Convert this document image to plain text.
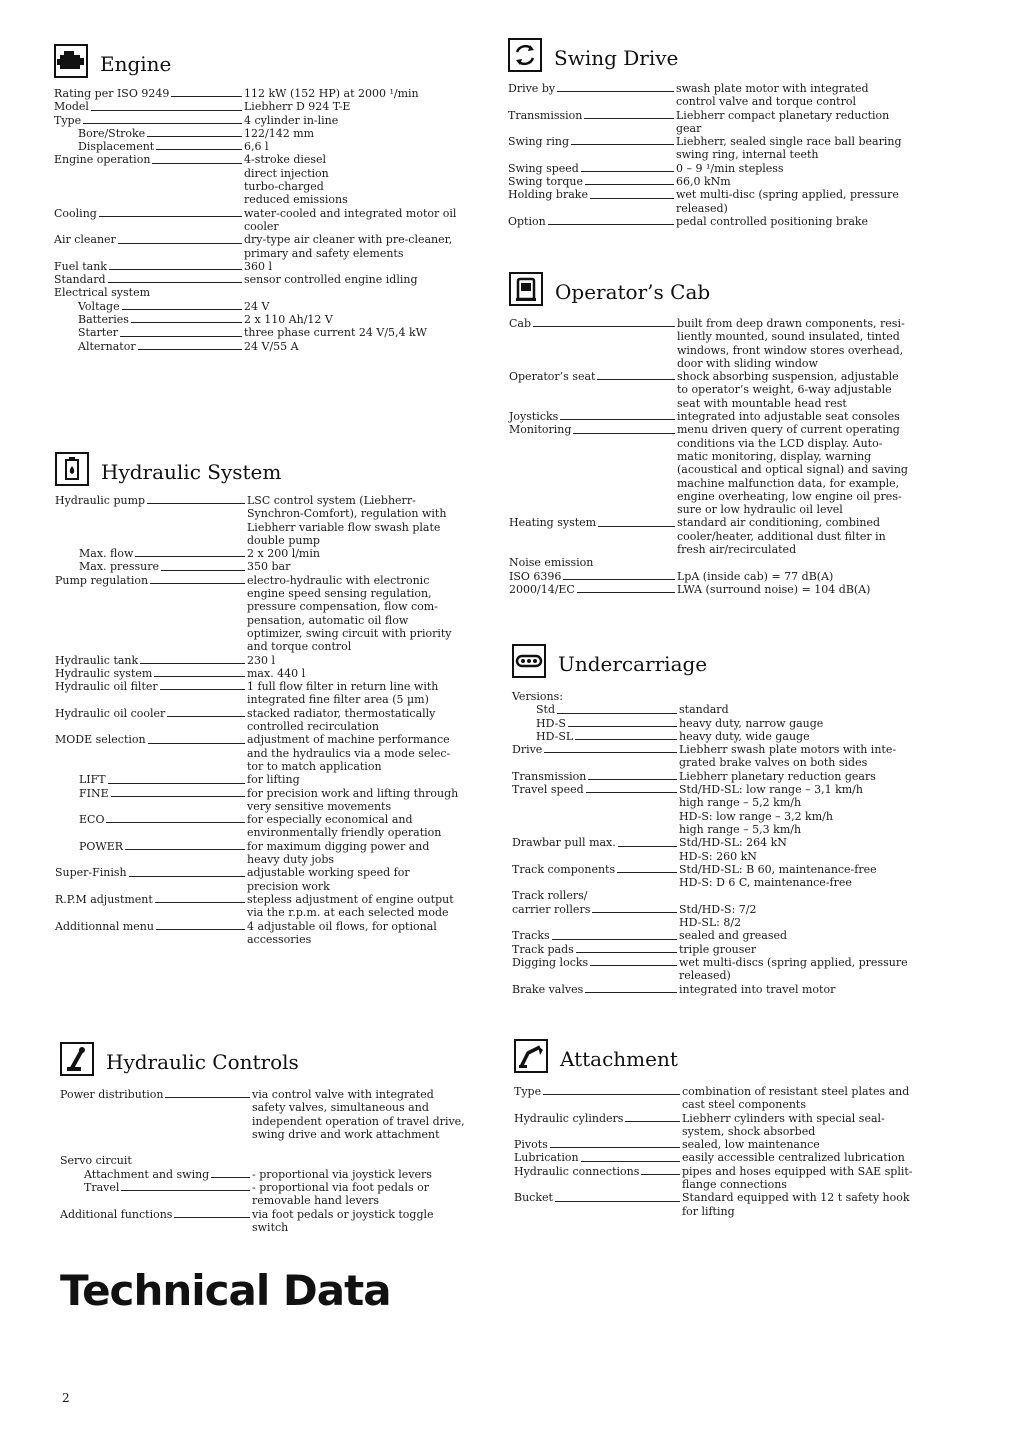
Engine
Rating per ISO 9249	112 kW (152 HP) at 2000 ¹/min
Model	Liebherr D 924 T-E
Type	4 cylinder in-line
Bore/Stroke	122/142 mm
Displacement	6,6 l
Engine operation	4-stroke diesel
direct injection
turbo-charged
reduced emissions
Cooling	water-cooled and integrated motor oil
cooler
Air cleaner	dry-type air cleaner with pre-cleaner,
primary and safety elements
Fuel tank	360 l
Standard	sensor controlled engine idling
Electrical system
Voltage	24 V
Batteries	2 x 110 Ah/12 V
Starter	three phase current 24 V/5,4 kW
Alternator	24 V/55 A
Hydraulic System
Hydraulic pump	LSC control system (Liebherr-
Synchron-Comfort), regulation with
Liebherr variable flow swash plate
double pump
Max. flow	2 x 200 l/min
Max. pressure	350 bar
Pump regulation	electro-hydraulic with electronic
engine speed sensing regulation,
pressure compensation, flow com-
pensation, automatic oil flow
optimizer, swing circuit with priority
and torque control
Hydraulic tank	230 l
Hydraulic system	max. 440 l
Hydraulic oil filter	1 full flow filter in return line with
integrated fine filter area (5 µm)
Hydraulic oil cooler	stacked radiator, thermostatically
controlled recirculation
MODE selection	adjustment of machine performance
and the hydraulics via a mode selec-
tor to match application
LIFT	for lifting
FINE	for precision work and lifting through
very sensitive movements
ECO	for especially economical and
environmentally friendly operation
POWER	for maximum digging power and
heavy duty jobs
Super-Finish	adjustable working speed for
precision work
R.P.M adjustment	stepless adjustment of engine output
via the r.p.m. at each selected mode
Additionnal menu	4 adjustable oil flows, for optional
accessories
Hydraulic Controls
Power distribution	via control valve with integrated
safety valves, simultaneous and
independent operation of travel drive,
swing drive and work attachment
Servo circuit
Attachment and swing	- proportional via joystick levers
Travel	- proportional via foot pedals or
removable hand levers
Additional functions	via foot pedals or joystick toggle
switch
Swing Drive
Drive by	swash plate motor with integrated
control valve and torque control
Transmission	Liebherr compact planetary reduction
gear
Swing ring	Liebherr, sealed single race ball bearing
swing ring, internal teeth
Swing speed	0 – 9 ¹/min stepless
Swing torque	66,0 kNm
Holding brake	wet multi-disc (spring applied, pressure
released)
Option	pedal controlled positioning brake
Operator’s Cab
Cab	built from deep drawn components, resi-
liently mounted, sound insulated, tinted
windows, front window stores overhead,
door with sliding window
Operator’s seat	shock absorbing suspension, adjustable
to operator’s weight, 6-way adjustable
seat with mountable head rest
Joysticks	integrated into adjustable seat consoles
Monitoring	menu driven query of current operating
conditions via the LCD display. Auto-
matic monitoring, display, warning
(acoustical and optical signal) and saving
machine malfunction data, for example,
engine overheating, low engine oil pres-
sure or low hydraulic oil level
Heating system	standard air conditioning, combined
cooler/heater, additional dust filter in
fresh air/recirculated
Noise emission
ISO 6396	LpA (inside cab) = 77 dB(A)
2000/14/EC	LWA (surround noise) = 104 dB(A)
Undercarriage
Versions:
Std	standard
HD-S	heavy duty, narrow gauge
HD-SL	heavy duty, wide gauge
Drive	Liebherr swash plate motors with inte-
grated brake valves on both sides
Transmission	Liebherr planetary reduction gears
Travel speed	Std/HD-SL: low range – 3,1 km/h
high range – 5,2 km/h
HD-S: low range – 3,2 km/h
high range – 5,3 km/h
Drawbar pull max.	Std/HD-SL: 264 kN
HD-S: 260 kN
Track components	Std/HD-SL: B 60, maintenance-free
HD-S: D 6 C, maintenance-free
Track rollers/
carrier rollers	Std/HD-S: 7/2
HD-SL: 8/2
Tracks	sealed and greased
Track pads	triple grouser
Digging locks	wet multi-discs (spring applied, pressure
released)
Brake valves	integrated into travel motor
Attachment
Type	combination of resistant steel plates and
cast steel components
Hydraulic cylinders	Liebherr cylinders with special seal-
system, shock absorbed
Pivots	sealed, low maintenance
Lubrication	easily accessible centralized lubrication
Hydraulic connections	pipes and hoses equipped with SAE split-
flange connections
Bucket	Standard equipped with 12 t safety hook
for lifting
Technical Data
2
